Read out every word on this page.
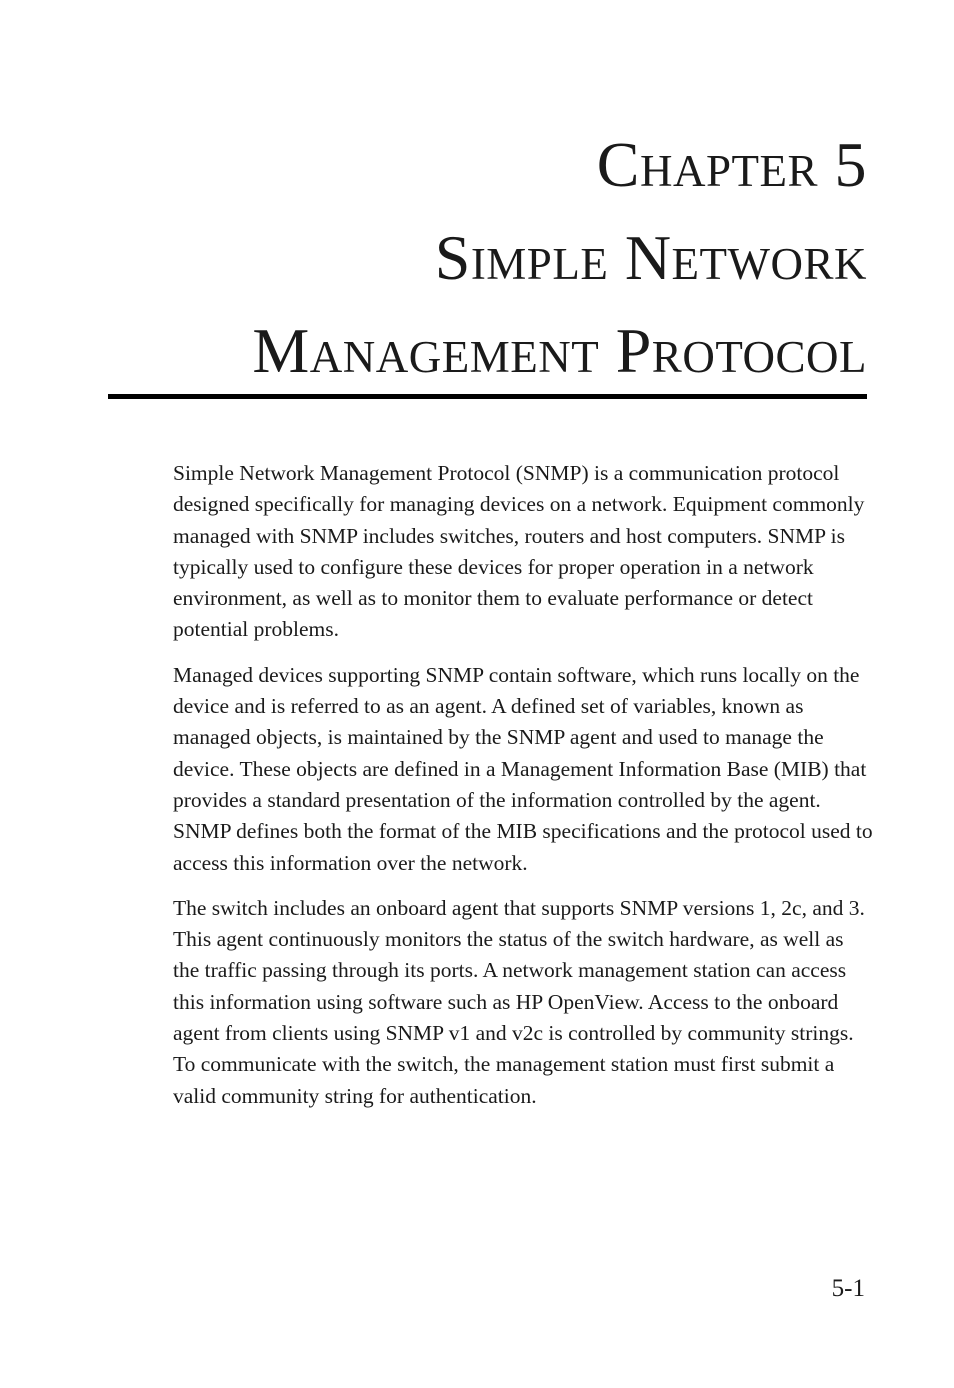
Chapter 5
Simple Network
Management Protocol

Simple Network Management Protocol (SNMP) is a communication protocol designed specifically for managing devices on a network. Equipment commonly managed with SNMP includes switches, routers and host computers. SNMP is typically used to configure these devices for proper operation in a network environment, as well as to monitor them to evaluate performance or detect potential problems.

Managed devices supporting SNMP contain software, which runs locally on the device and is referred to as an agent. A defined set of variables, known as managed objects, is maintained by the SNMP agent and used to manage the device. These objects are defined in a Management Information Base (MIB) that provides a standard presentation of the information controlled by the agent. SNMP defines both the format of the MIB specifications and the protocol used to access this information over the network.

The switch includes an onboard agent that supports SNMP versions 1, 2c, and 3. This agent continuously monitors the status of the switch hardware, as well as the traffic passing through its ports. A network management station can access this information using software such as HP OpenView. Access to the onboard agent from clients using SNMP v1 and v2c is controlled by community strings. To communicate with the switch, the management station must first submit a valid community string for authentication.

5-1
